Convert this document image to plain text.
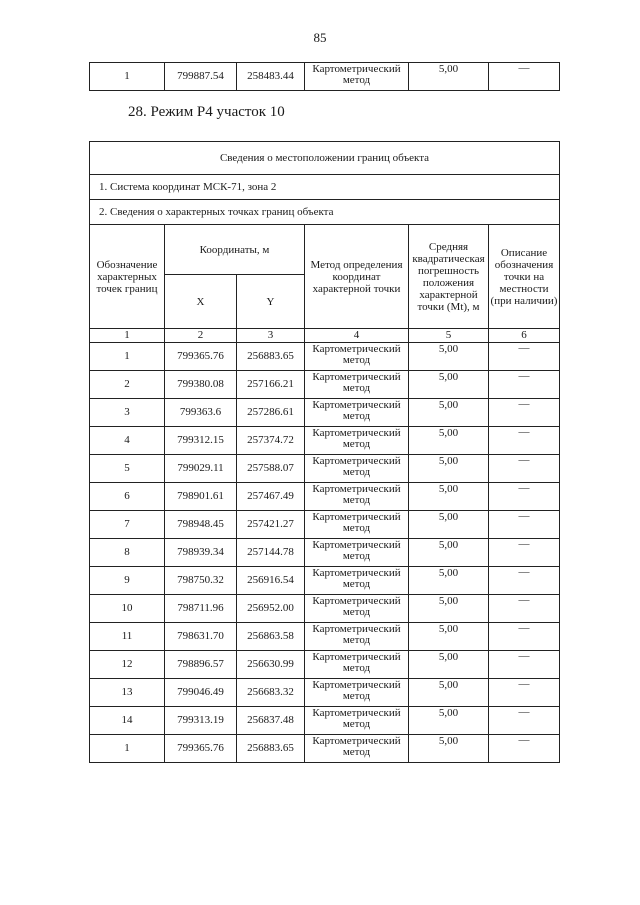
85
1	799887.54	258483.44	Картометрический метод	5,00	—
28. Режим Р4 участок 10
Сведения о местоположении границ объекта					
1. Система координат МСК-71, зона 2					
2. Сведения о характерных точках границ объекта					
Обозначение характерных точек границ	Координаты, м		Метод определения координат характерной точки	Средняя квадратическая погрешность положения характерной точки (Mt), м	Описание обозначения точки на местности (при наличии)
	X	Y			
1	2	3	4	5	6
1	799365.76	256883.65	Картометрический метод	5,00	—
2	799380.08	257166.21	Картометрический метод	5,00	—
3	799363.6	257286.61	Картометрический метод	5,00	—
4	799312.15	257374.72	Картометрический метод	5,00	—
5	799029.11	257588.07	Картометрический метод	5,00	—
6	798901.61	257467.49	Картометрический метод	5,00	—
7	798948.45	257421.27	Картометрический метод	5,00	—
8	798939.34	257144.78	Картометрический метод	5,00	—
9	798750.32	256916.54	Картометрический метод	5,00	—
10	798711.96	256952.00	Картометрический метод	5,00	—
11	798631.70	256863.58	Картометрический метод	5,00	—
12	798896.57	256630.99	Картометрический метод	5,00	—
13	799046.49	256683.32	Картометрический метод	5,00	—
14	799313.19	256837.48	Картометрический метод	5,00	—
1	799365.76	256883.65	Картометрический метод	5,00	—
